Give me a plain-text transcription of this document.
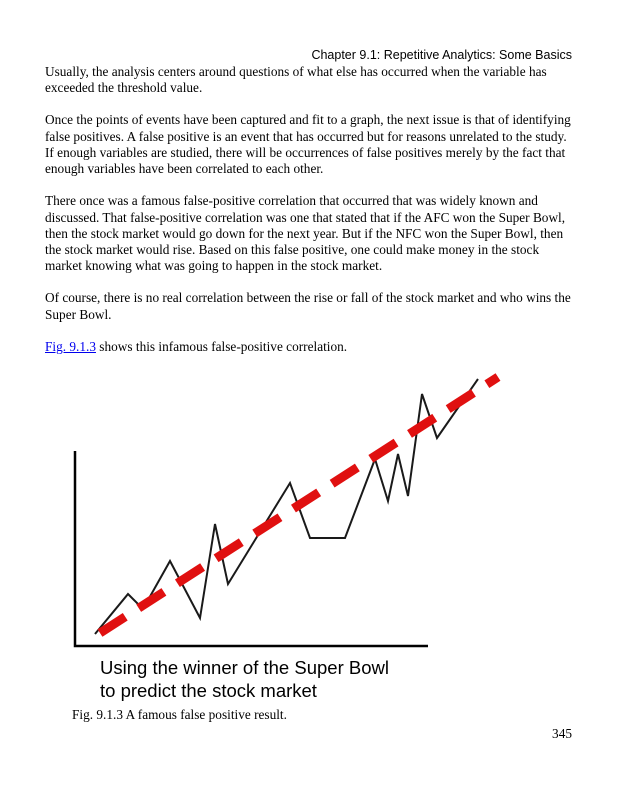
Chapter 9.1: Repetitive Analytics: Some Basics

Usually, the analysis centers around questions of what else has occurred when the variable has exceeded the threshold value.

Once the points of events have been captured and fit to a graph, the next issue is that of identifying false positives. A false positive is an event that has occurred but for reasons unrelated to the study. If enough variables are studied, there will be occurrences of false positives merely by the fact that enough variables have been correlated to each other.

There once was a famous false-positive correlation that occurred that was widely known and discussed. That false-positive correlation was one that stated that if the AFC won the Super Bowl, then the stock market would go down for the next year. But if the NFC won the Super Bowl, then the stock market would rise. Based on this false positive, one could make money in the stock market knowing what was going to happen in the stock market.

Of course, there is no real correlation between the rise or fall of the stock market and who wins the Super Bowl.

Fig. 9.1.3 shows this infamous false-positive correlation.

Using the winner of the Super Bowl
to predict the stock market
Fig. 9.1.3 A famous false positive result.
345
